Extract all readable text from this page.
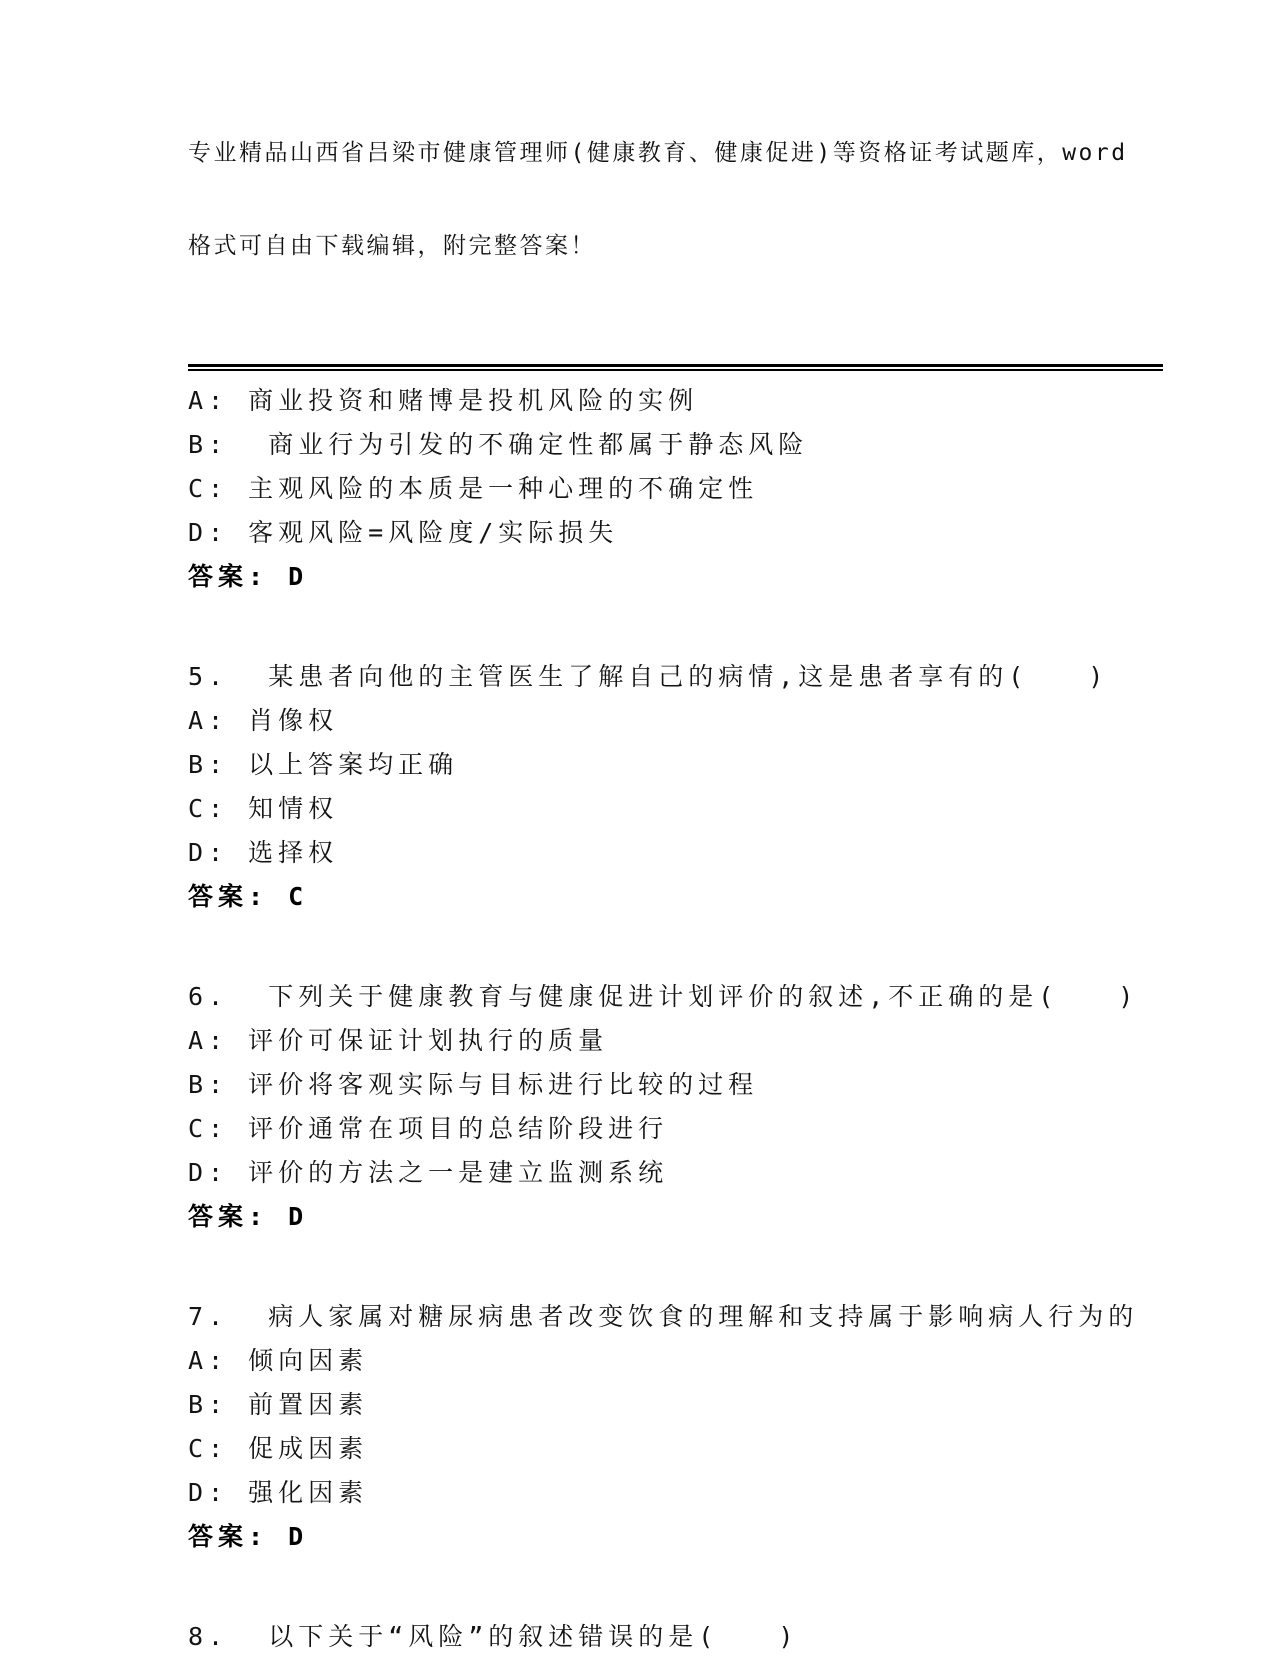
专业精品山西省吕梁市健康管理师(健康教育、健康促进)等资格证考试题库，word

格式可自由下载编辑，附完整答案！

A: 商业投资和赌博是投机风险的实例
B:  商业行为引发的不确定性都属于静态风险
C: 主观风险的本质是一种心理的不确定性
D: 客观风险=风险度/实际损失
答案: D
5.  某患者向他的主管医生了解自己的病情,这是患者享有的(　　)
A: 肖像权
B: 以上答案均正确
C: 知情权
D: 选择权
答案: C
6.  下列关于健康教育与健康促进计划评价的叙述,不正确的是(　　)
A: 评价可保证计划执行的质量
B: 评价将客观实际与目标进行比较的过程
C: 评价通常在项目的总结阶段进行
D: 评价的方法之一是建立监测系统
答案: D
7.  病人家属对糖尿病患者改变饮食的理解和支持属于影响病人行为的
A: 倾向因素
B: 前置因素
C: 促成因素
D: 强化因素
答案: D
8.  以下关于“风险”的叙述错误的是(　　)
